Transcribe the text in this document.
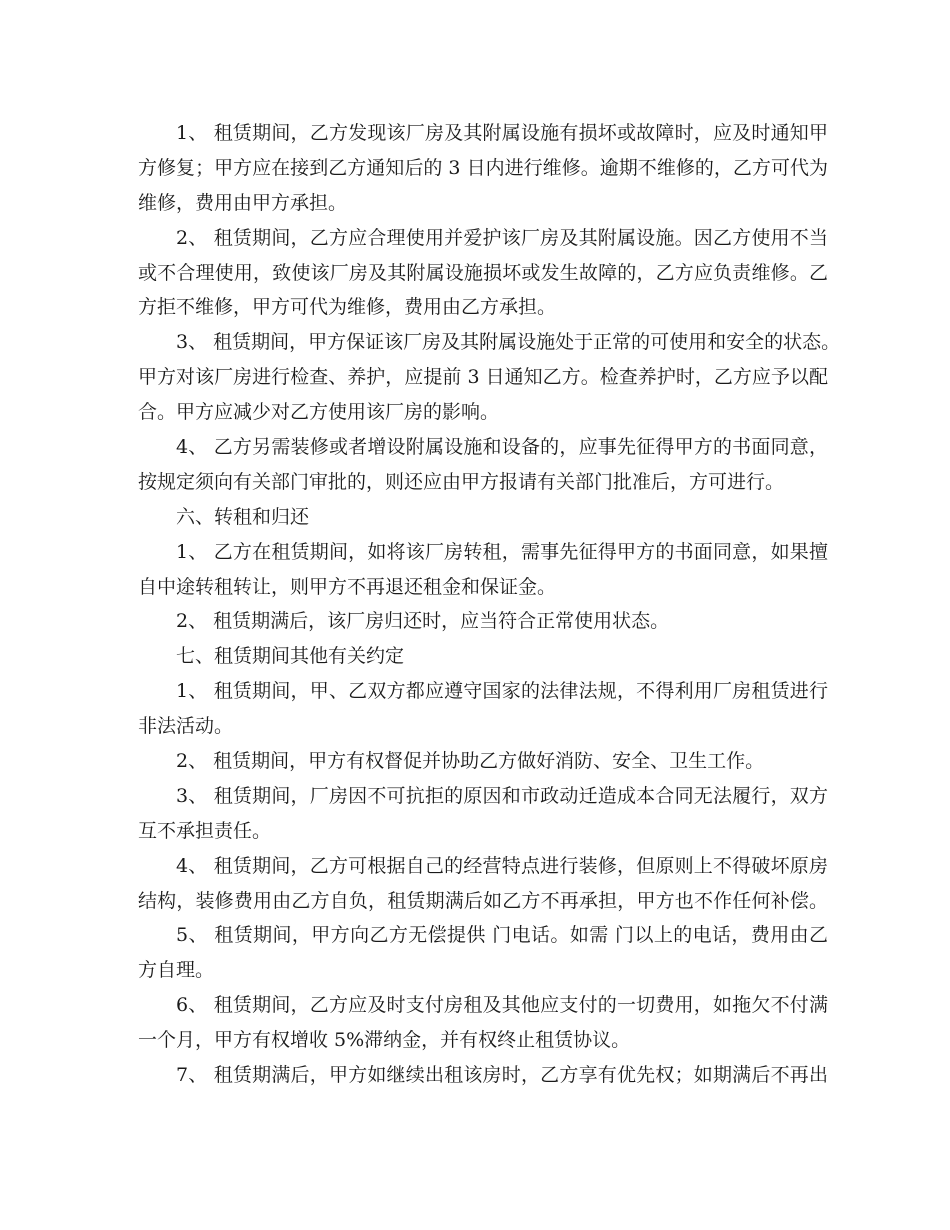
1、 租赁期间，乙方发现该厂房及其附属设施有损坏或故障时，应及时通知甲
方修复；甲方应在接到乙方通知后的 3 日内进行维修。逾期不维修的，乙方可代为
维修，费用由甲方承担。
2、 租赁期间，乙方应合理使用并爱护该厂房及其附属设施。因乙方使用不当
或不合理使用，致使该厂房及其附属设施损坏或发生故障的，乙方应负责维修。乙
方拒不维修，甲方可代为维修，费用由乙方承担。
3、 租赁期间，甲方保证该厂房及其附属设施处于正常的可使用和安全的状态。
甲方对该厂房进行检查、养护，应提前 3 日通知乙方。检查养护时，乙方应予以配
合。甲方应减少对乙方使用该厂房的影响。
4、 乙方另需装修或者增设附属设施和设备的，应事先征得甲方的书面同意，
按规定须向有关部门审批的，则还应由甲方报请有关部门批准后，方可进行。
六、转租和归还
1、 乙方在租赁期间，如将该厂房转租，需事先征得甲方的书面同意，如果擅
自中途转租转让，则甲方不再退还租金和保证金。
2、 租赁期满后，该厂房归还时，应当符合正常使用状态。
七、租赁期间其他有关约定
1、 租赁期间，甲、乙双方都应遵守国家的法律法规，不得利用厂房租赁进行
非法活动。
2、 租赁期间，甲方有权督促并协助乙方做好消防、安全、卫生工作。
3、 租赁期间，厂房因不可抗拒的原因和市政动迁造成本合同无法履行，双方
互不承担责任。
4、 租赁期间，乙方可根据自己的经营特点进行装修，但原则上不得破坏原房
结构，装修费用由乙方自负，租赁期满后如乙方不再承担，甲方也不作任何补偿。
5、 租赁期间，甲方向乙方无偿提供 门电话。如需 门以上的电话，费用由乙
方自理。
6、 租赁期间，乙方应及时支付房租及其他应支付的一切费用，如拖欠不付满
一个月，甲方有权增收 5%滞纳金，并有权终止租赁协议。
7、 租赁期满后，甲方如继续出租该房时，乙方享有优先权；如期满后不再出
